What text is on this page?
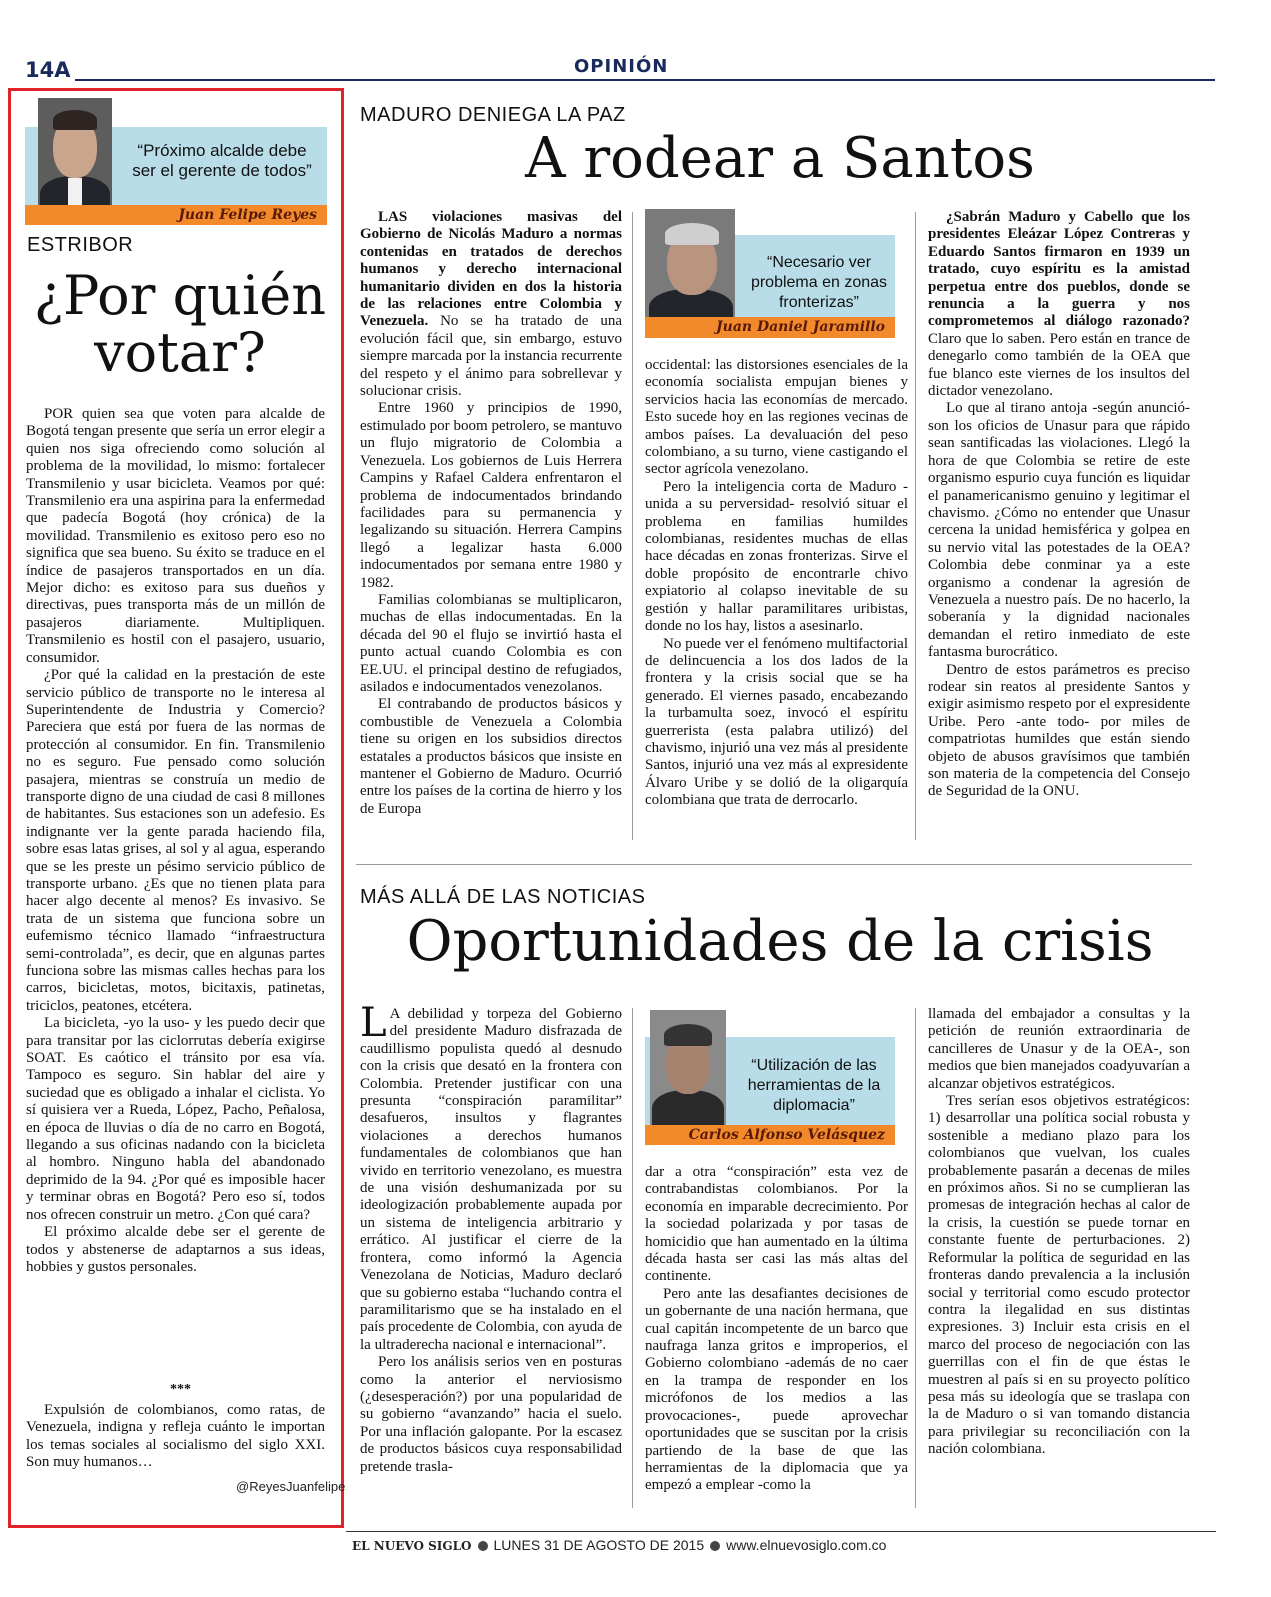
14A	OPINIÓN
“Próximo alcalde debe ser el gerente de todos”
Juan Felipe Reyes
ESTRIBOR
¿Por quién
votar?
POR quien sea que voten para alcalde de Bogotá tengan presente que sería un error elegir a quien nos siga ofreciendo como solución al problema de la movilidad, lo mismo: fortalecer Transmilenio y usar bicicleta. Veamos por qué: Transmilenio era una aspirina para la enfermedad que padecía Bogotá (hoy crónica) de la movilidad. Transmilenio es exitoso pero eso no significa que sea bueno. Su éxito se traduce en el índice de pasajeros transportados en un día. Mejor dicho: es exitoso para sus dueños y directivas, pues transporta más de un millón de pasajeros diariamente. Multipliquen. Transmilenio es hostil con el pasajero, usuario, consumidor.
¿Por qué la calidad en la prestación de este servicio público de transporte no le interesa al Superintendente de Industria y Comercio? Pareciera que está por fuera de las normas de protección al consumidor. En fin. Transmilenio no es seguro. Fue pensado como solución pasajera, mientras se construía un medio de transporte digno de una ciudad de casi 8 millones de habitantes. Sus estaciones son un adefesio. Es indignante ver la gente parada haciendo fila, sobre esas latas grises, al sol y al agua, esperando que se les preste un pésimo servicio público de transporte urbano. ¿Es que no tienen plata para hacer algo decente al menos? Es invasivo. Se trata de un sistema que funciona sobre un eufemismo técnico llamado “infraestructura semi-controlada”, es decir, que en algunas partes funciona sobre las mismas calles hechas para los carros, bicicletas, motos, bicitaxis, patinetas, triciclos, peatones, etcétera.
La bicicleta, -yo la uso- y les puedo decir que para transitar por las ciclorrutas debería exigirse SOAT. Es caótico el tránsito por esa vía. Tampoco es seguro. Sin hablar del aire y suciedad que es obligado a inhalar el ciclista. Yo sí quisiera ver a Rueda, López, Pacho, Peñalosa, en época de lluvias o día de no carro en Bogotá, llegando a sus oficinas nadando con la bicicleta al hombro. Ninguno habla del abandonado deprimido de la 94. ¿Por qué es imposible hacer y terminar obras en Bogotá? Pero eso sí, todos nos ofrecen construir un metro. ¿Con qué cara?
El próximo alcalde debe ser el gerente de todos y abstenerse de adaptarnos a sus ideas, hobbies y gustos personales.
***
Expulsión de colombianos, como ratas, de Venezuela, indigna y refleja cuánto le importan los temas sociales al socialismo del siglo XXI. Son muy humanos…
@ReyesJuanfelipe
MADURO DENIEGA LA PAZ
A rodear a Santos
LAS violaciones masivas del Gobierno de Nicolás Maduro a normas contenidas en tratados de derechos humanos y derecho internacional humanitario dividen en dos la historia de las relaciones entre Colombia y Venezuela. No se ha tratado de una evolución fácil que, sin embargo, estuvo siempre marcada por la instancia recurrente del respeto y el ánimo para sobrellevar y solucionar crisis.
Entre 1960 y principios de 1990, estimulado por boom petrolero, se mantuvo un flujo migratorio de Colombia a Venezuela. Los gobiernos de Luis Herrera Campins y Rafael Caldera enfrentaron el problema de indocumentados brindando facilidades para su permanencia y legalizando su situación. Herrera Campins llegó a legalizar hasta 6.000 indocumentados por semana entre 1980 y 1982.
Familias colombianas se multiplicaron, muchas de ellas indocumentadas. En la década del 90 el flujo se invirtió hasta el punto actual cuando Colombia es con EE.UU. el principal destino de refugiados, asilados e indocumentados venezolanos.
El contrabando de productos básicos y combustible de Venezuela a Colombia tiene su origen en los subsidios directos estatales a productos básicos que insiste en mantener el Gobierno de Maduro. Ocurrió entre los países de la cortina de hierro y los de Europa
“Necesario ver problema en zonas fronterizas”
Juan Daniel Jaramillo
occidental: las distorsiones esenciales de la economía socialista empujan bienes y servicios hacia las economías de mercado. Esto sucede hoy en las regiones vecinas de ambos países. La devaluación del peso colombiano, a su turno, viene castigando el sector agrícola venezolano.
Pero la inteligencia corta de Maduro -unida a su perversidad- resolvió situar el problema en familias humildes colombianas, residentes muchas de ellas hace décadas en zonas fronterizas. Sirve el doble propósito de encontrarle chivo expiatorio al colapso inevitable de su gestión y hallar paramilitares uribistas, donde no los hay, listos a asesinarlo.
No puede ver el fenómeno multifactorial de delincuencia a los dos lados de la frontera y la crisis social que se ha generado. El viernes pasado, encabezando la turbamulta soez, invocó el espíritu guerrerista (esta palabra utilizó) del chavismo, injurió una vez más al presidente Santos, injurió una vez más al expresidente Álvaro Uribe y se dolió de la oligarquía colombiana que trata de derrocarlo.
¿Sabrán Maduro y Cabello que los presidentes Eleázar López Contreras y Eduardo Santos firmaron en 1939 un tratado, cuyo espíritu es la amistad perpetua entre dos pueblos, donde se renuncia a la guerra y nos comprometemos al diálogo razonado? Claro que lo saben. Pero están en trance de denegarlo como también de la OEA que fue blanco este viernes de los insultos del dictador venezolano.
Lo que al tirano antoja -según anunció- son los oficios de Unasur para que rápido sean santificadas las violaciones. Llegó la hora de que Colombia se retire de este organismo espurio cuya función es liquidar el panamericanismo genuino y legitimar el chavismo. ¿Cómo no entender que Unasur cercena la unidad hemisférica y golpea en su nervio vital las potestades de la OEA? Colombia debe conminar ya a este organismo a condenar la agresión de Venezuela a nuestro país. De no hacerlo, la soberanía y la dignidad nacionales demandan el retiro inmediato de este fantasma burocrático.
Dentro de estos parámetros es preciso rodear sin reatos al presidente Santos y exigir asimismo respeto por el expresidente Uribe. Pero -ante todo- por miles de compatriotas humildes que están siendo objeto de abusos gravísimos que también son materia de la competencia del Consejo de Seguridad de la ONU.
MÁS ALLÁ DE LAS NOTICIAS
Oportunidades de la crisis
L A debilidad y torpeza del Gobierno del presidente Maduro disfrazada de caudillismo populista quedó al desnudo con la crisis que desató en la frontera con Colombia. Pretender justificar con una presunta “conspiración paramilitar” desafueros, insultos y flagrantes violaciones a derechos humanos fundamentales de colombianos que han vivido en territorio venezolano, es muestra de una visión deshumanizada por su ideologización probablemente aupada por un sistema de inteligencia arbitrario y errático. Al justificar el cierre de la frontera, como informó la Agencia Venezolana de Noticias, Maduro declaró que su gobierno estaba “luchando contra el paramilitarismo que se ha instalado en el país procedente de Colombia, con ayuda de la ultraderecha nacional e internacional”.
Pero los análisis serios ven en posturas como la anterior el nerviosismo (¿desesperación?) por una popularidad de su gobierno “avanzando” hacia el suelo. Por una inflación galopante. Por la escasez de productos básicos cuya responsabilidad pretende trasla-
“Utilización de las herramientas de la diplomacia”
Carlos Alfonso Velásquez
dar a otra “conspiración” esta vez de contrabandistas colombianos. Por la economía en imparable decrecimiento. Por la sociedad polarizada y por tasas de homicidio que han aumentado en la última década hasta ser casi las más altas del continente.
Pero ante las desafiantes decisiones de un gobernante de una nación hermana, que cual capitán incompetente de un barco que naufraga lanza gritos e improperios, el Gobierno colombiano -además de no caer en la trampa de responder en los micrófonos de los medios a las provocaciones-, puede aprovechar oportunidades que se suscitan por la crisis partiendo de la base de que las herramientas de la diplomacia que ya empezó a emplear -como la
llamada del embajador a consultas y la petición de reunión extraordinaria de cancilleres de Unasur y de la OEA-, son medios que bien manejados coadyuvarían a alcanzar objetivos estratégicos.
Tres serían esos objetivos estratégicos: 1) desarrollar una política social robusta y sostenible a mediano plazo para los colombianos que vuelvan, los cuales probablemente pasarán a decenas de miles en próximos años. Si no se cumplieran las promesas de integración hechas al calor de la crisis, la cuestión se puede tornar en constante fuente de perturbaciones. 2) Reformular la política de seguridad en las fronteras dando prevalencia a la inclusión social y territorial como escudo protector contra la ilegalidad en sus distintas expresiones. 3) Incluir esta crisis en el marco del proceso de negociación con las guerrillas con el fin de que éstas le muestren al país si en su proyecto político pesa más su ideología que se traslapa con la de Maduro o si van tomando distancia para privilegiar su reconciliación con la nación colombiana.
EL NUEVO SIGLO LUNES 31 DE AGOSTO DE 2015 www.elnuevosiglo.com.co
